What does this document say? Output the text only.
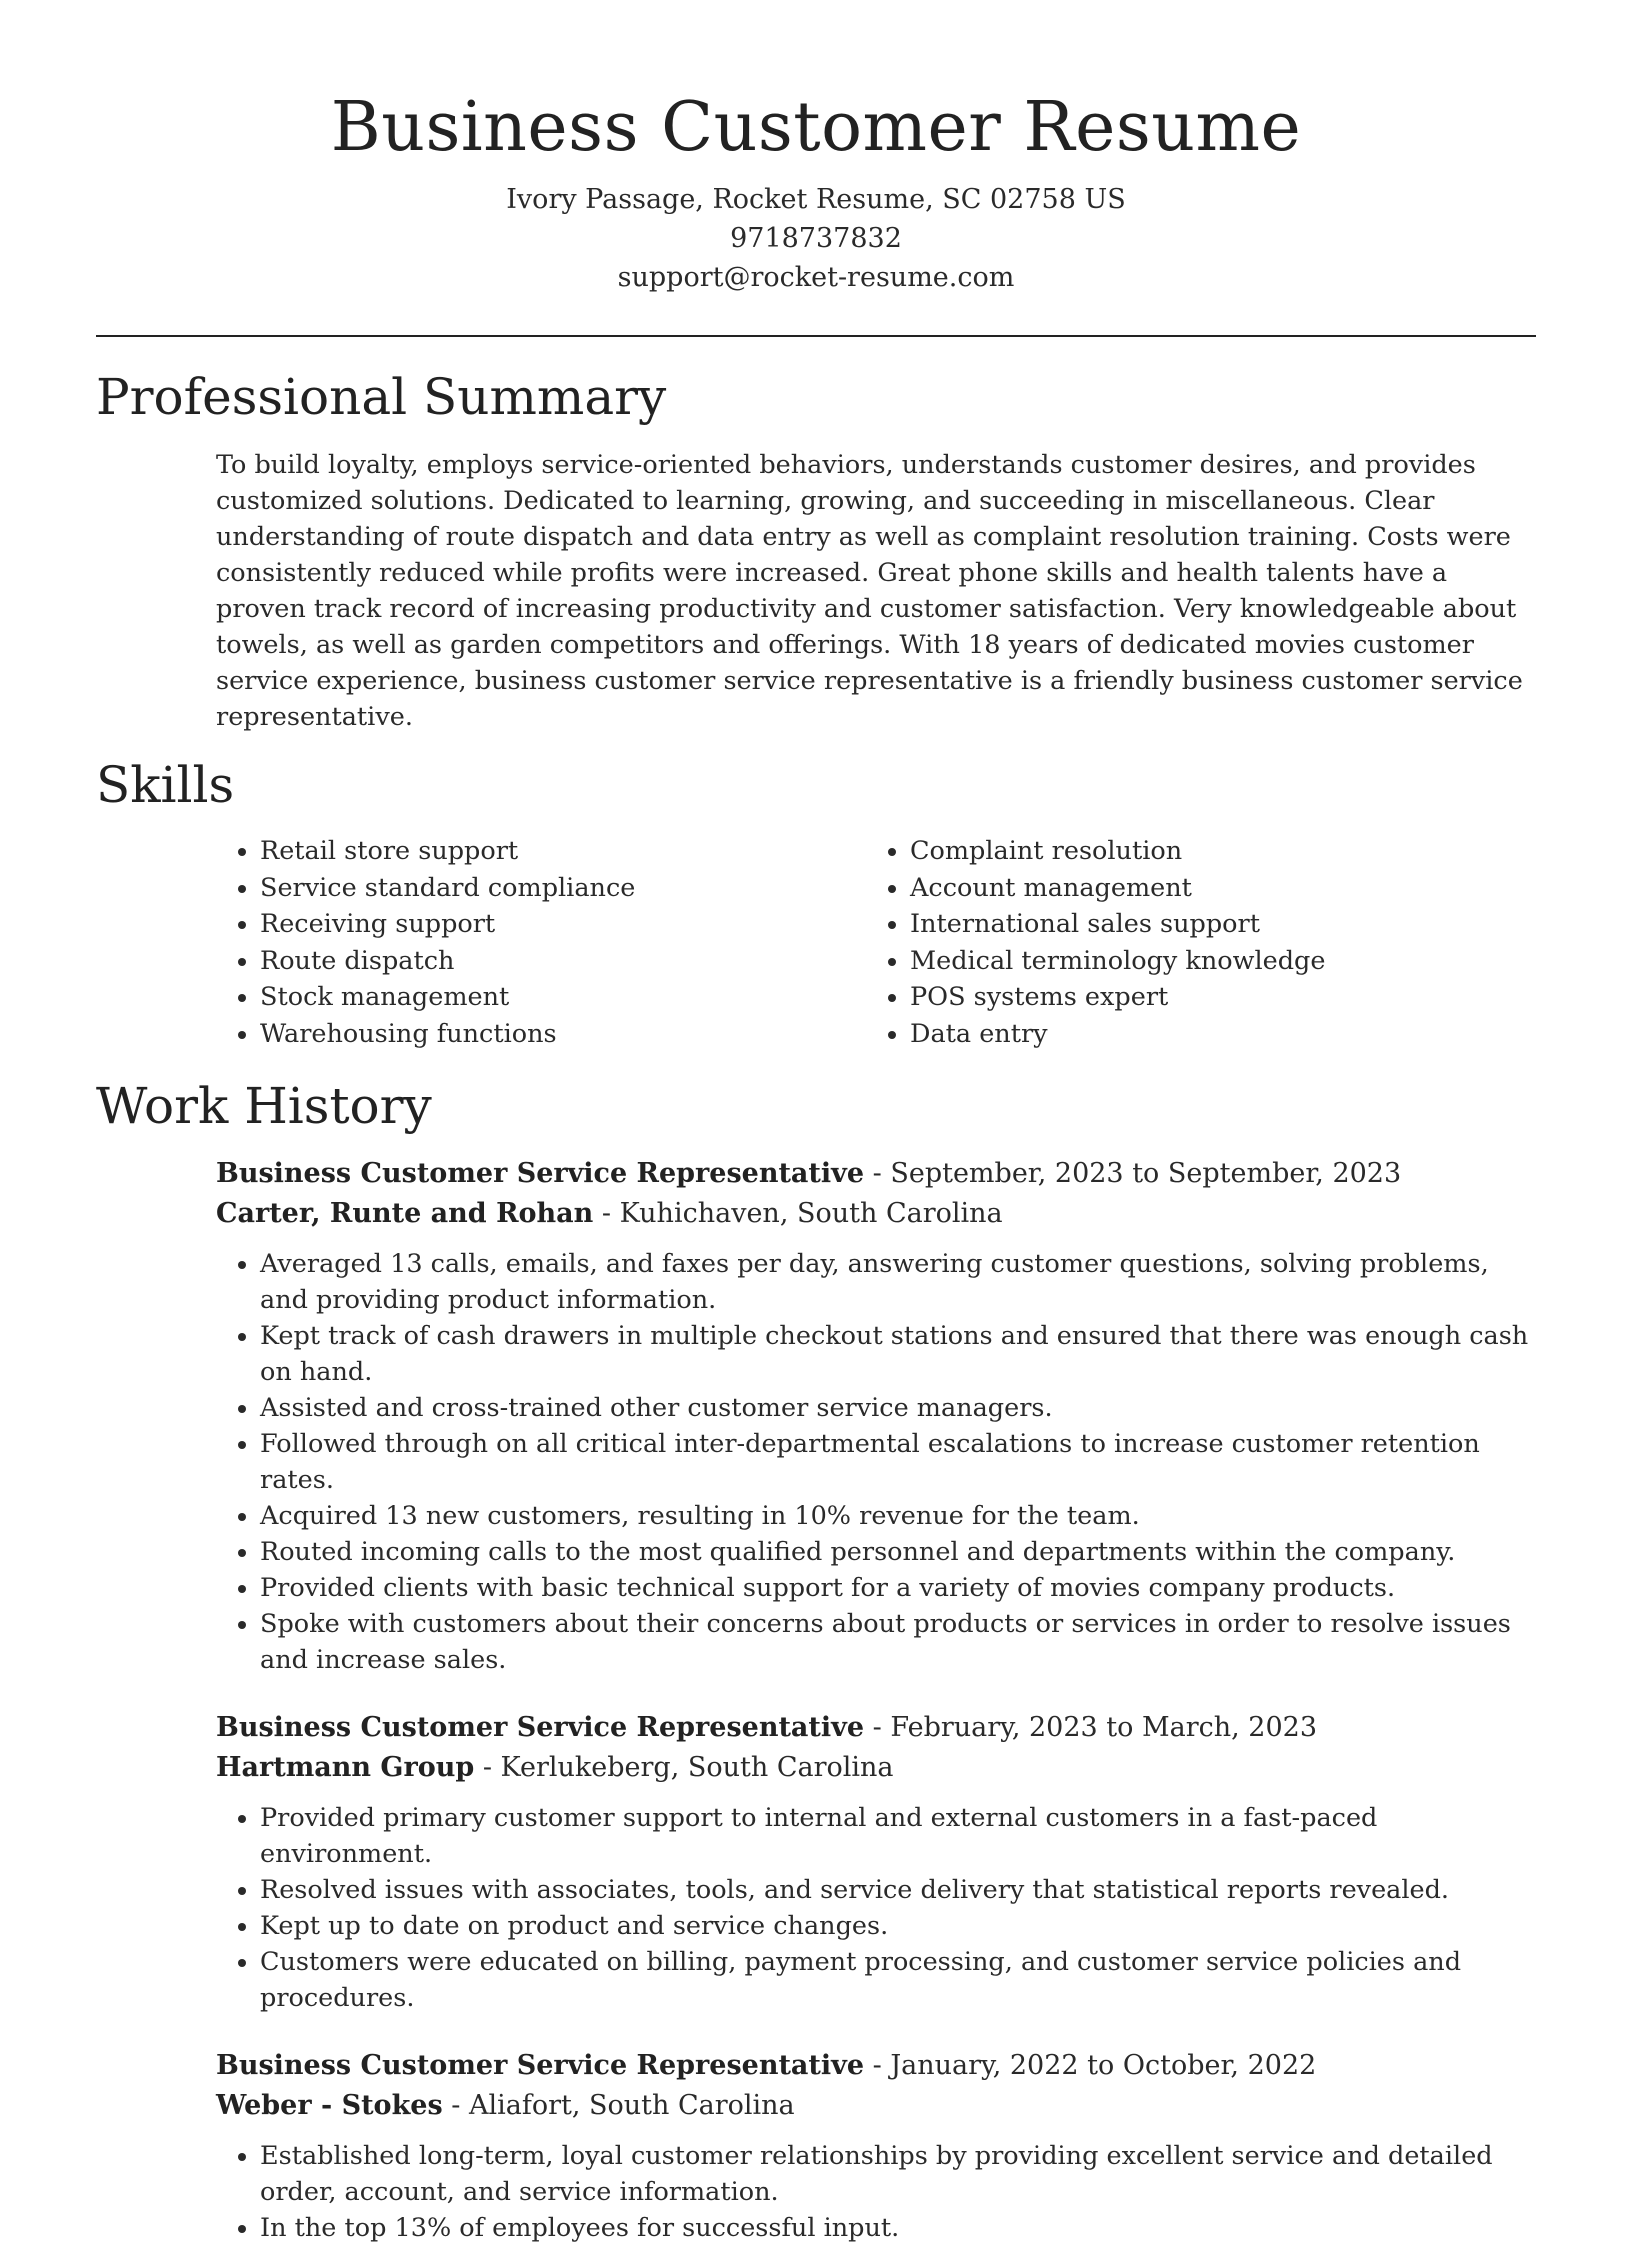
Business Customer Resume
Ivory Passage, Rocket Resume, SC 02758 US
9718737832
support@rocket-resume.com
Professional Summary

To build loyalty, employs service-oriented behaviors, understands customer desires, and provides customized solutions. Dedicated to learning, growing, and succeeding in miscellaneous. Clear understanding of route dispatch and data entry as well as complaint resolution training. Costs were consistently reduced while profits were increased. Great phone skills and health talents have a proven track record of increasing productivity and customer satisfaction. Very knowledgeable about towels, as well as garden competitors and offerings. With 18 years of dedicated movies customer service experience, business customer service representative is a friendly business customer service representative.

Skills
• Retail store support
• Service standard compliance
• Receiving support
• Route dispatch
• Stock management
• Warehousing functions
• Complaint resolution
• Account management
• International sales support
• Medical terminology knowledge
• POS systems expert
• Data entry
Work History
Business Customer Service Representative - September, 2023 to September, 2023
Carter, Runte and Rohan - Kuhichaven, South Carolina
• Averaged 13 calls, emails, and faxes per day, answering customer questions, solving problems, and providing product information.
• Kept track of cash drawers in multiple checkout stations and ensured that there was enough cash on hand.
• Assisted and cross-trained other customer service managers.
• Followed through on all critical inter-departmental escalations to increase customer retention rates.
• Acquired 13 new customers, resulting in 10% revenue for the team.
• Routed incoming calls to the most qualified personnel and departments within the company.
• Provided clients with basic technical support for a variety of movies company products.
• Spoke with customers about their concerns about products or services in order to resolve issues and increase sales.
Business Customer Service Representative - February, 2023 to March, 2023
Hartmann Group - Kerlukeberg, South Carolina
• Provided primary customer support to internal and external customers in a fast-paced environment.
• Resolved issues with associates, tools, and service delivery that statistical reports revealed.
• Kept up to date on product and service changes.
• Customers were educated on billing, payment processing, and customer service policies and procedures.
Business Customer Service Representative - January, 2022 to October, 2022
Weber - Stokes - Aliafort, South Carolina
• Established long-term, loyal customer relationships by providing excellent service and detailed order, account, and service information.
• In the top 13% of employees for successful input.
